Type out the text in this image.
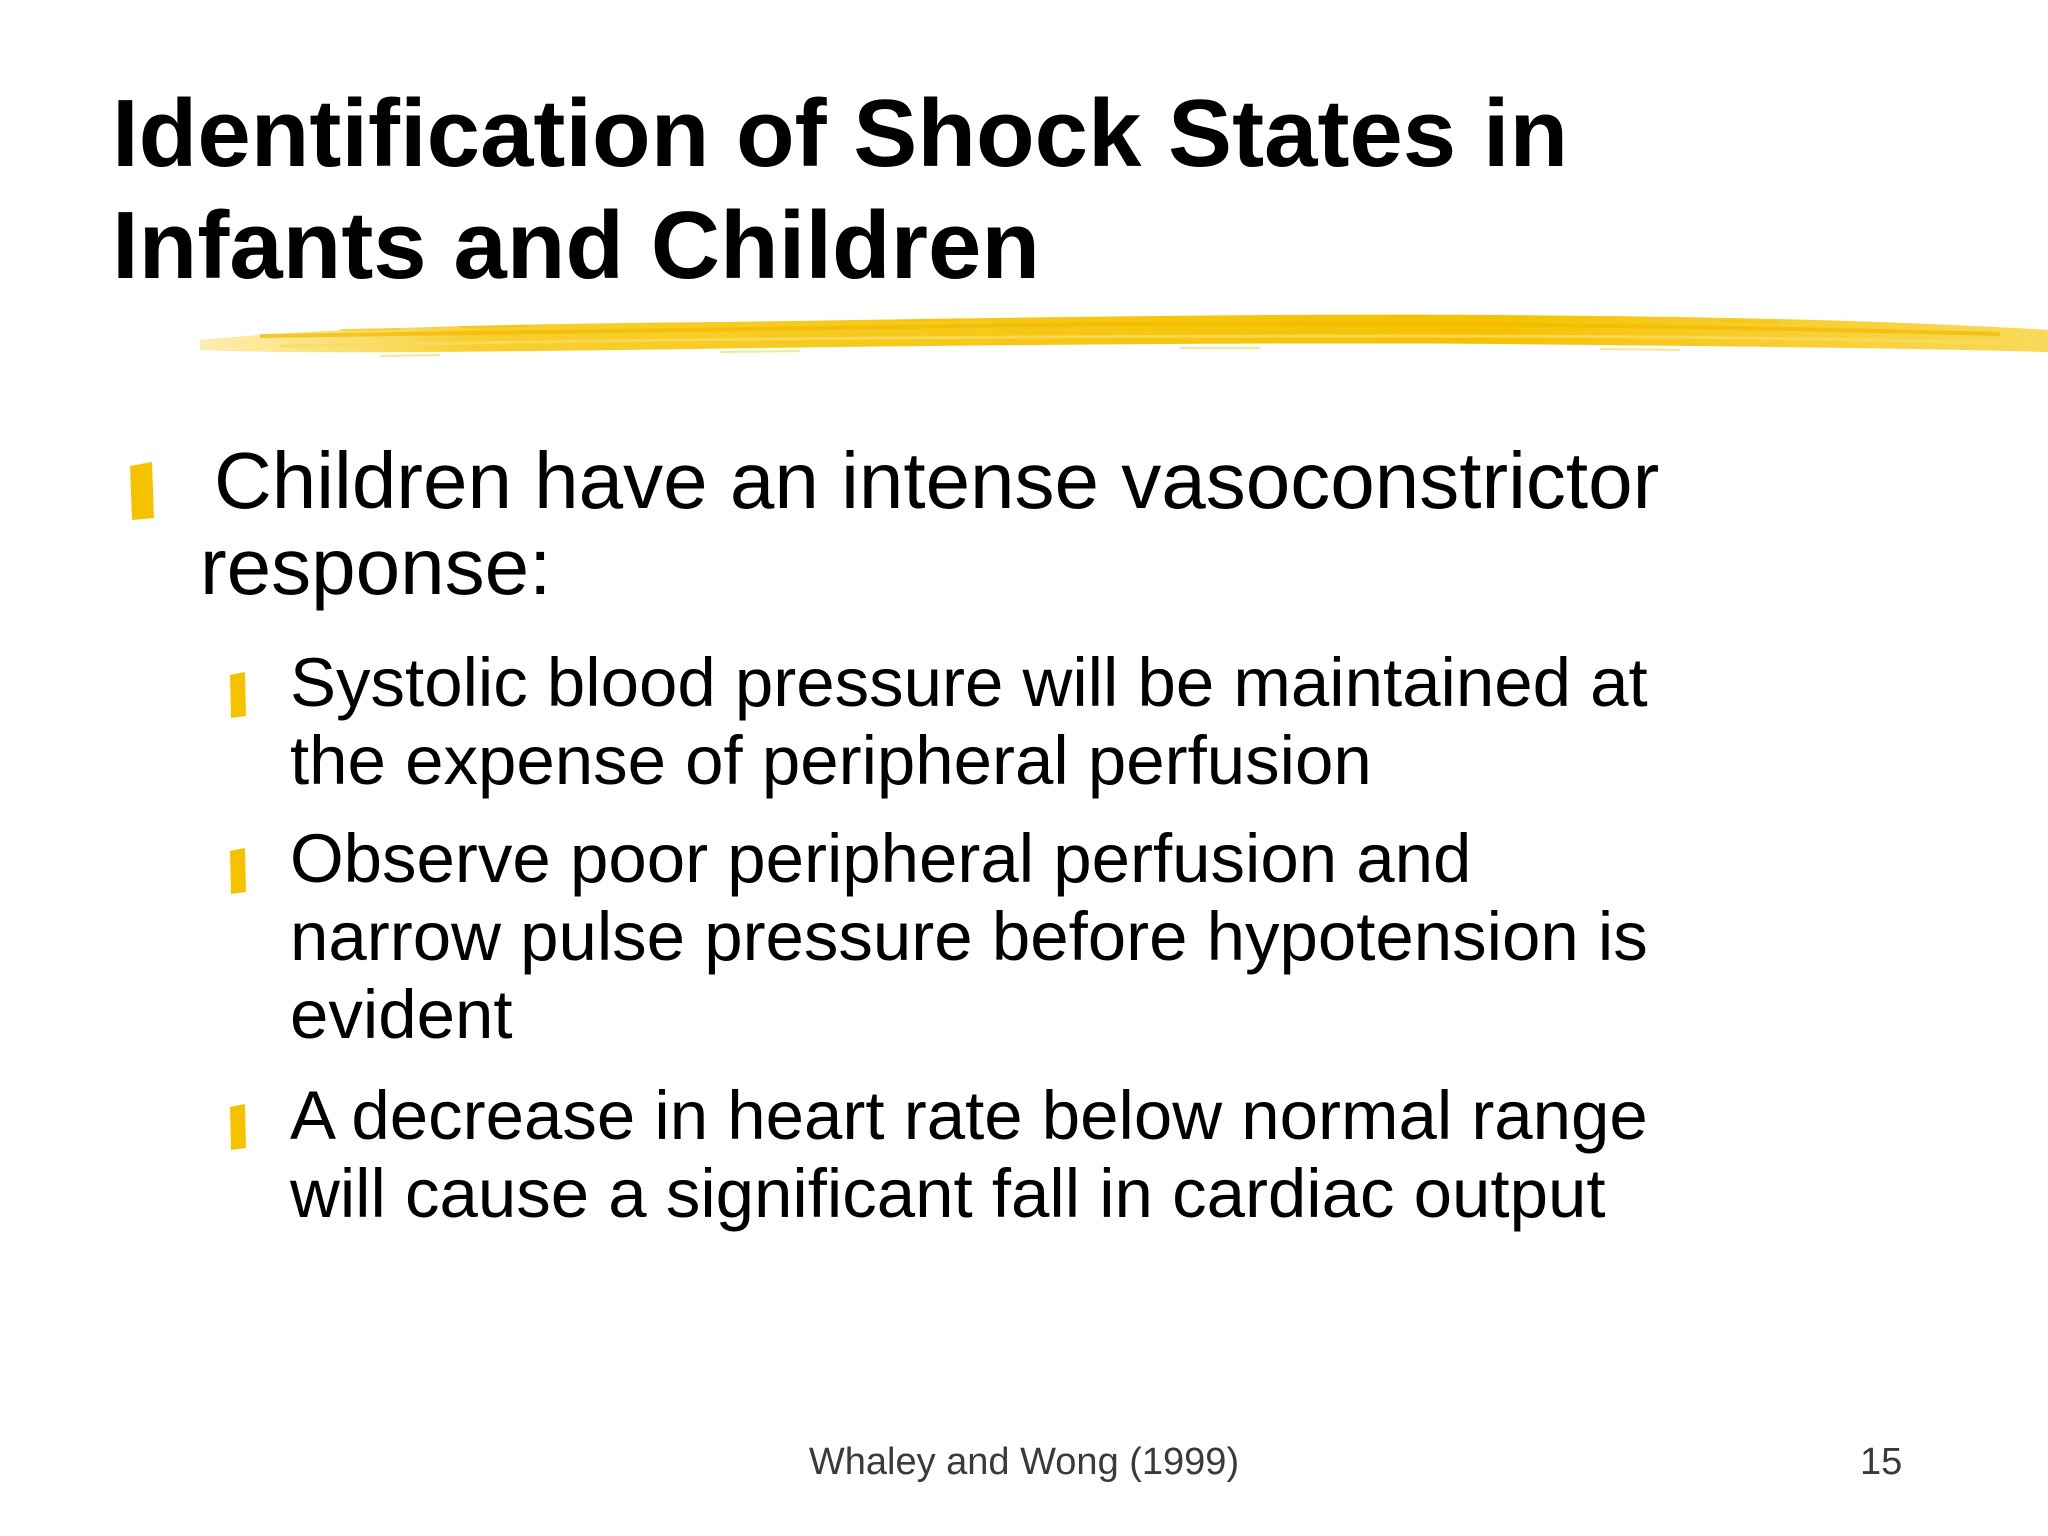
Identification of Shock States in
Infants and Children
Children have an intense vasoconstrictor
response:
Systolic blood pressure will be maintained at
the expense of peripheral perfusion
Observe poor peripheral perfusion and
narrow pulse pressure before hypotension is
evident
A decrease in heart rate below normal range
will cause a significant fall in cardiac output
Whaley and Wong (1999)	15
